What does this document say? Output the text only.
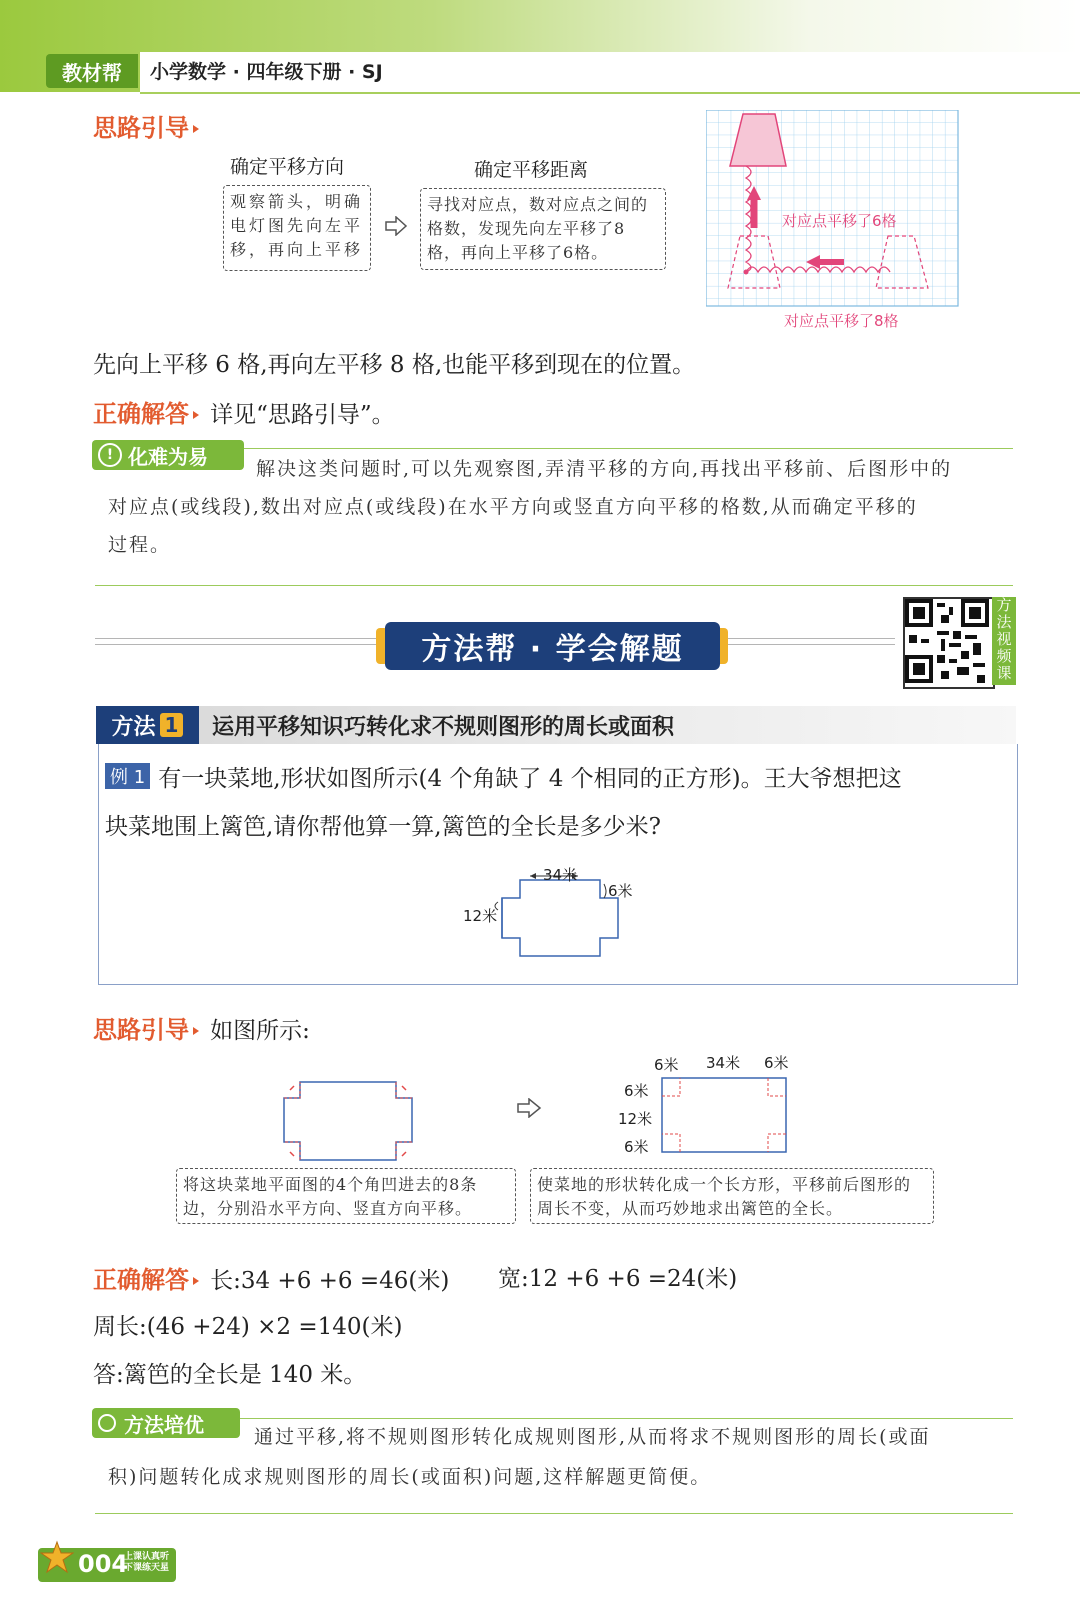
教材帮	小学数学 · 四年级下册 · SJ
思路引导
确定平移方向
观察箭头，明确电灯图先向左平移，再向上平移
确定平移距离
寻找对应点，数对应点之间的格数，发现先向左平移了8格，再向上平移了6格。
对应点平移了6格
对应点平移了8格
先向上平移 6 格,再向左平移 8 格,也能平移到现在的位置。
正确解答 详见“思路引导”。
! 化难为易
解决这类问题时,可以先观察图,弄清平移的方向,再找出平移前、后图形中的
对应点(或线段),数出对应点(或线段)在水平方向或竖直方向平移的格数,从而确定平移的
过程。
方法帮 · 学会解题
方
法
视
频
课
方法 1 运用平移知识巧转化求不规则图形的周长或面积
例 1 有一块菜地,形状如图所示(4 个角缺了 4 个相同的正方形)。王大爷想把这
块菜地围上篱笆,请你帮他算一算,篱笆的全长是多少米?
34米
6米
12米
思路引导 如图所示:
6米 34米 6米
6米
12米
6米
将这块菜地平面图的4个角凹进去的8条边，分别沿水平方向、竖直方向平移。
使菜地的形状转化成一个长方形，平移前后图形的周长不变，从而巧妙地求出篱笆的全长。
正确解答 长:34 +6 +6 =46(米) 宽:12 +6 +6 =24(米)
周长:(46 +24) ×2 =140(米)
答:篱笆的全长是 140 米。
方法培优
通过平移,将不规则图形转化成规则图形,从而将求不规则图形的周长(或面
积)问题转化成求规则图形的周长(或面积)问题,这样解题更简便。
004
上课认真听
下课练天星
